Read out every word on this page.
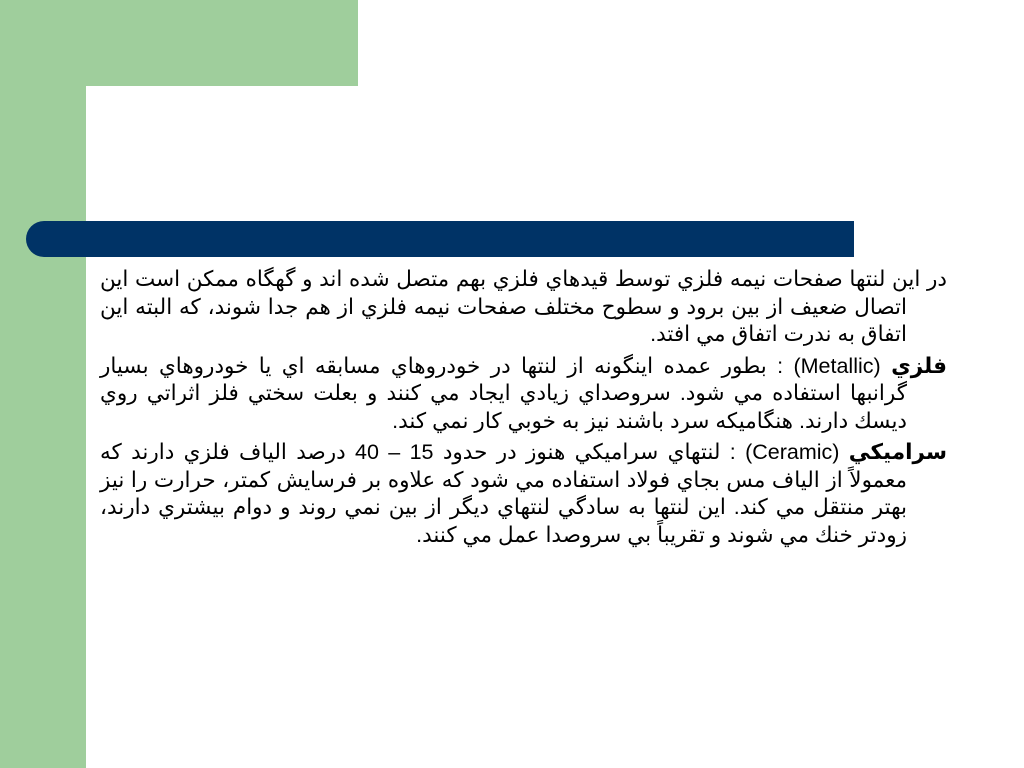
در اين لنتها صفحات نيمه فلزي توسط قيدهاي فلزي بهم متصل شده اند و گهگاه ممكن است اين اتصال ضعيف از بين برود و سطوح مختلف صفحات نيمه فلزي از هم جدا شوند، كه البته اين اتفاق به ندرت اتفاق مي افتد.

فلزي (Metallic) : بطور عمده اينگونه از لنتها در خودروهاي مسابقه اي يا خودروهاي بسيار گرانبها استفاده مي شود. سروصداي زيادي ايجاد مي كنند و بعلت سختي فلز اثراتي روي ديسك دارند. هنگاميكه سرد باشند نيز به خوبي كار نمي كند.

سراميكي (Ceramic) : لنتهاي سراميكي هنوز در حدود 15 – 40 درصد الياف فلزي دارند كه معمولاً از الياف مس بجاي فولاد استفاده مي شود كه علاوه بر فرسايش كمتر، حرارت را نيز بهتر منتقل مي كند. اين لنتها به سادگي لنتهاي ديگر از بين نمي روند و دوام بيشتري دارند، زودتر خنك مي شوند و تقريباً بي سروصدا عمل مي كنند.
